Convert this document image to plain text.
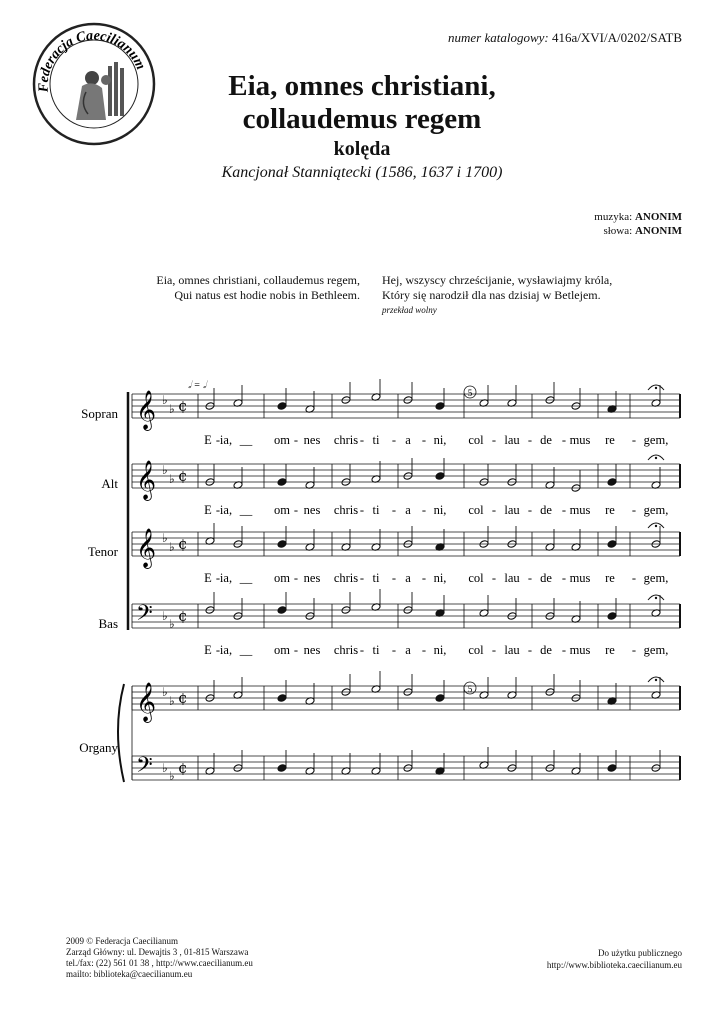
numer katalogowy: 416a/XVI/A/0202/SATB
Federacja Caecilianum
Eia, omnes christiani,
collaudemus regem
kolęda
Kancjonał Stanniątecki (1586, 1637 i 1700)
muzyka: ANONIM
słowa: ANONIM
Eia, omnes christiani, collaudemus regem,
Qui natus est hodie nobis in Bethleem.
Hej, wszyscy chrześcijanie, wysławiajmy króla,
Który się narodził dla nas dzisiaj w Betlejem.
przekład wolny
𝄞 ♭
♭ ¢
𝄞 ♭
♭ ¢
𝄞 ♭
♭ ¢
𝄢 ♭
♭ ¢
𝄞 ♭
♭ ¢
𝄢 ♭
♭ ¢
𝅗𝅥 = 𝅗𝅥
5
5
Sopran
Alt
Tenor
Bas
Organy
E - ia, __ om - nes chris - ti - a - ni, col - lau - de - mus re - gem,
E - ia, __ om - nes chris - ti - a - ni, col - lau - de - mus re - gem,
E - ia, __ om - nes chris - ti - a - ni, col - lau - de - mus re - gem,
E - ia, __ om - nes chris - ti - a - ni, col - lau - de - mus re - gem,
2009 © Federacja Caecilianum
Zarząd Główny: ul. Dewajtis 3 , 01-815 Warszawa
tel./fax: (22) 561 01 38 , http://www.caecilianum.eu
mailto: biblioteka@caecilianum.eu
Do użytku publicznego
http://www.biblioteka.caecilianum.eu
